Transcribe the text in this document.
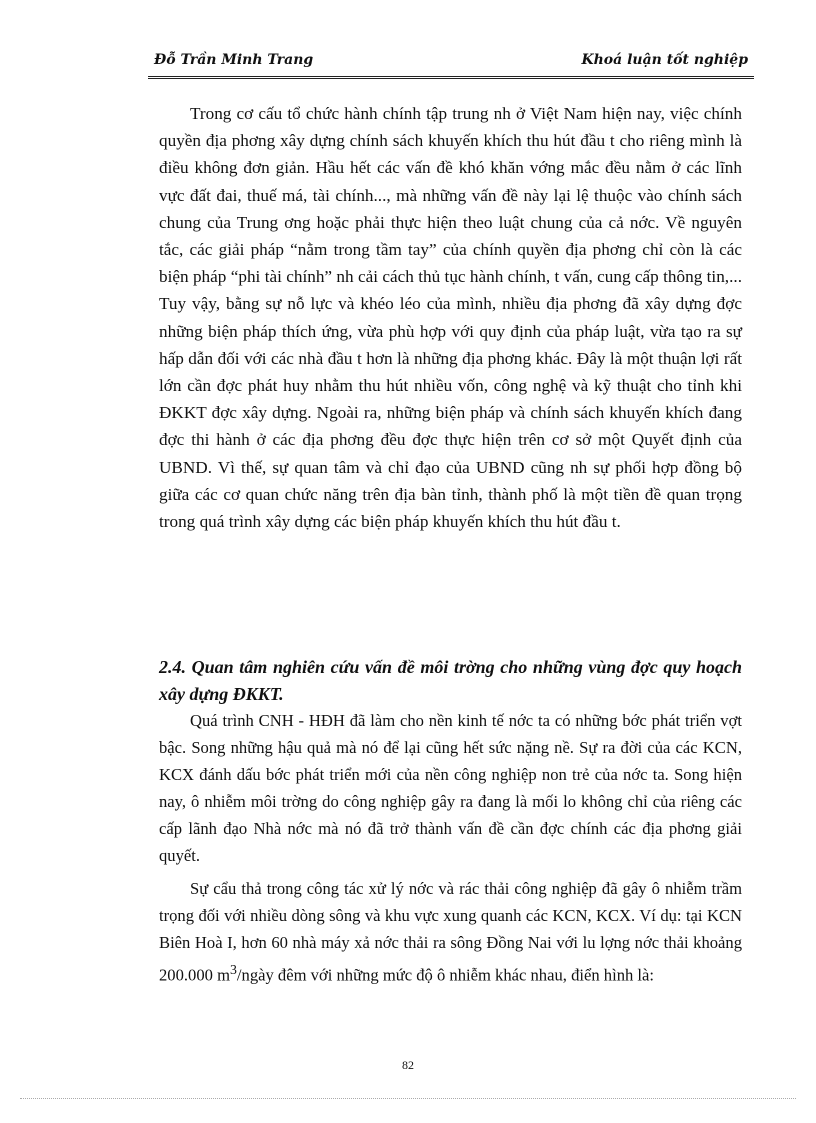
Đỗ Trần Minh Trang	Khoá luận tốt nghiệp

Trong cơ cấu tổ chức hành chính tập trung nh ở Việt Nam hiện nay, việc chính quyền địa phơng xây dựng chính sách khuyến khích thu hút đầu t cho riêng mình là điều không đơn giản. Hầu hết các vấn đề khó khăn vớng mắc đều nằm ở các lĩnh vực đất đai, thuế má, tài chính..., mà những vấn đề này lại lệ thuộc vào chính sách chung của Trung ơng hoặc phải thực hiện theo luật chung của cả nớc. Về nguyên tắc, các giải pháp “nằm trong tầm tay” của chính quyền địa phơng chỉ còn là các biện pháp “phi tài chính” nh cải cách thủ tục hành chính, t vấn, cung cấp thông tin,... Tuy vậy, bằng sự nỗ lực và khéo léo của mình, nhiều địa phơng đã xây dựng đợc những biện pháp thích ứng, vừa phù hợp với quy định của pháp luật, vừa tạo ra sự hấp dẫn đối với các nhà đầu t hơn là những địa phơng khác. Đây là một thuận lợi rất lớn cần đợc phát huy nhằm thu hút nhiều vốn, công nghệ và kỹ thuật cho tỉnh khi ĐKKT đợc xây dựng. Ngoài ra, những biện pháp và chính sách khuyến khích đang đợc thi hành ở các địa phơng đều đợc thực hiện trên cơ sở một Quyết định của UBND. Vì thế, sự quan tâm và chỉ đạo của UBND cũng nh sự phối hợp đồng bộ giữa các cơ quan chức năng trên địa bàn tỉnh, thành phố là một tiền đề quan trọng trong quá trình xây dựng các biện pháp khuyến khích thu hút đầu t.

2.4. Quan tâm nghiên cứu vấn đề môi trờng cho những vùng đợc quy hoạch xây dựng ĐKKT.

Quá trình CNH - HĐH đã làm cho nền kinh tế nớc ta có những bớc phát triển vợt bậc. Song những hậu quả mà nó để lại cũng hết sức nặng nề. Sự ra đời của các KCN, KCX đánh dấu bớc phát triển mới của nền công nghiệp non trẻ của nớc ta. Song hiện nay, ô nhiễm môi trờng do công nghiệp gây ra đang là mối lo không chỉ của riêng các cấp lãnh đạo Nhà nớc mà nó đã trở thành vấn đề cần đợc chính các địa phơng giải quyết.

Sự cẩu thả trong công tác xử lý nớc và rác thải công nghiệp đã gây ô nhiễm trầm trọng đối với nhiều dòng sông và khu vực xung quanh các KCN, KCX. Ví dụ: tại KCN Biên Hoà I, hơn 60 nhà máy xả nớc thải ra sông Đồng Nai với lu lợng nớc thải khoảng 200.000 $m^3$/ngày đêm với những mức độ ô nhiễm khác nhau, điển hình là:

82
